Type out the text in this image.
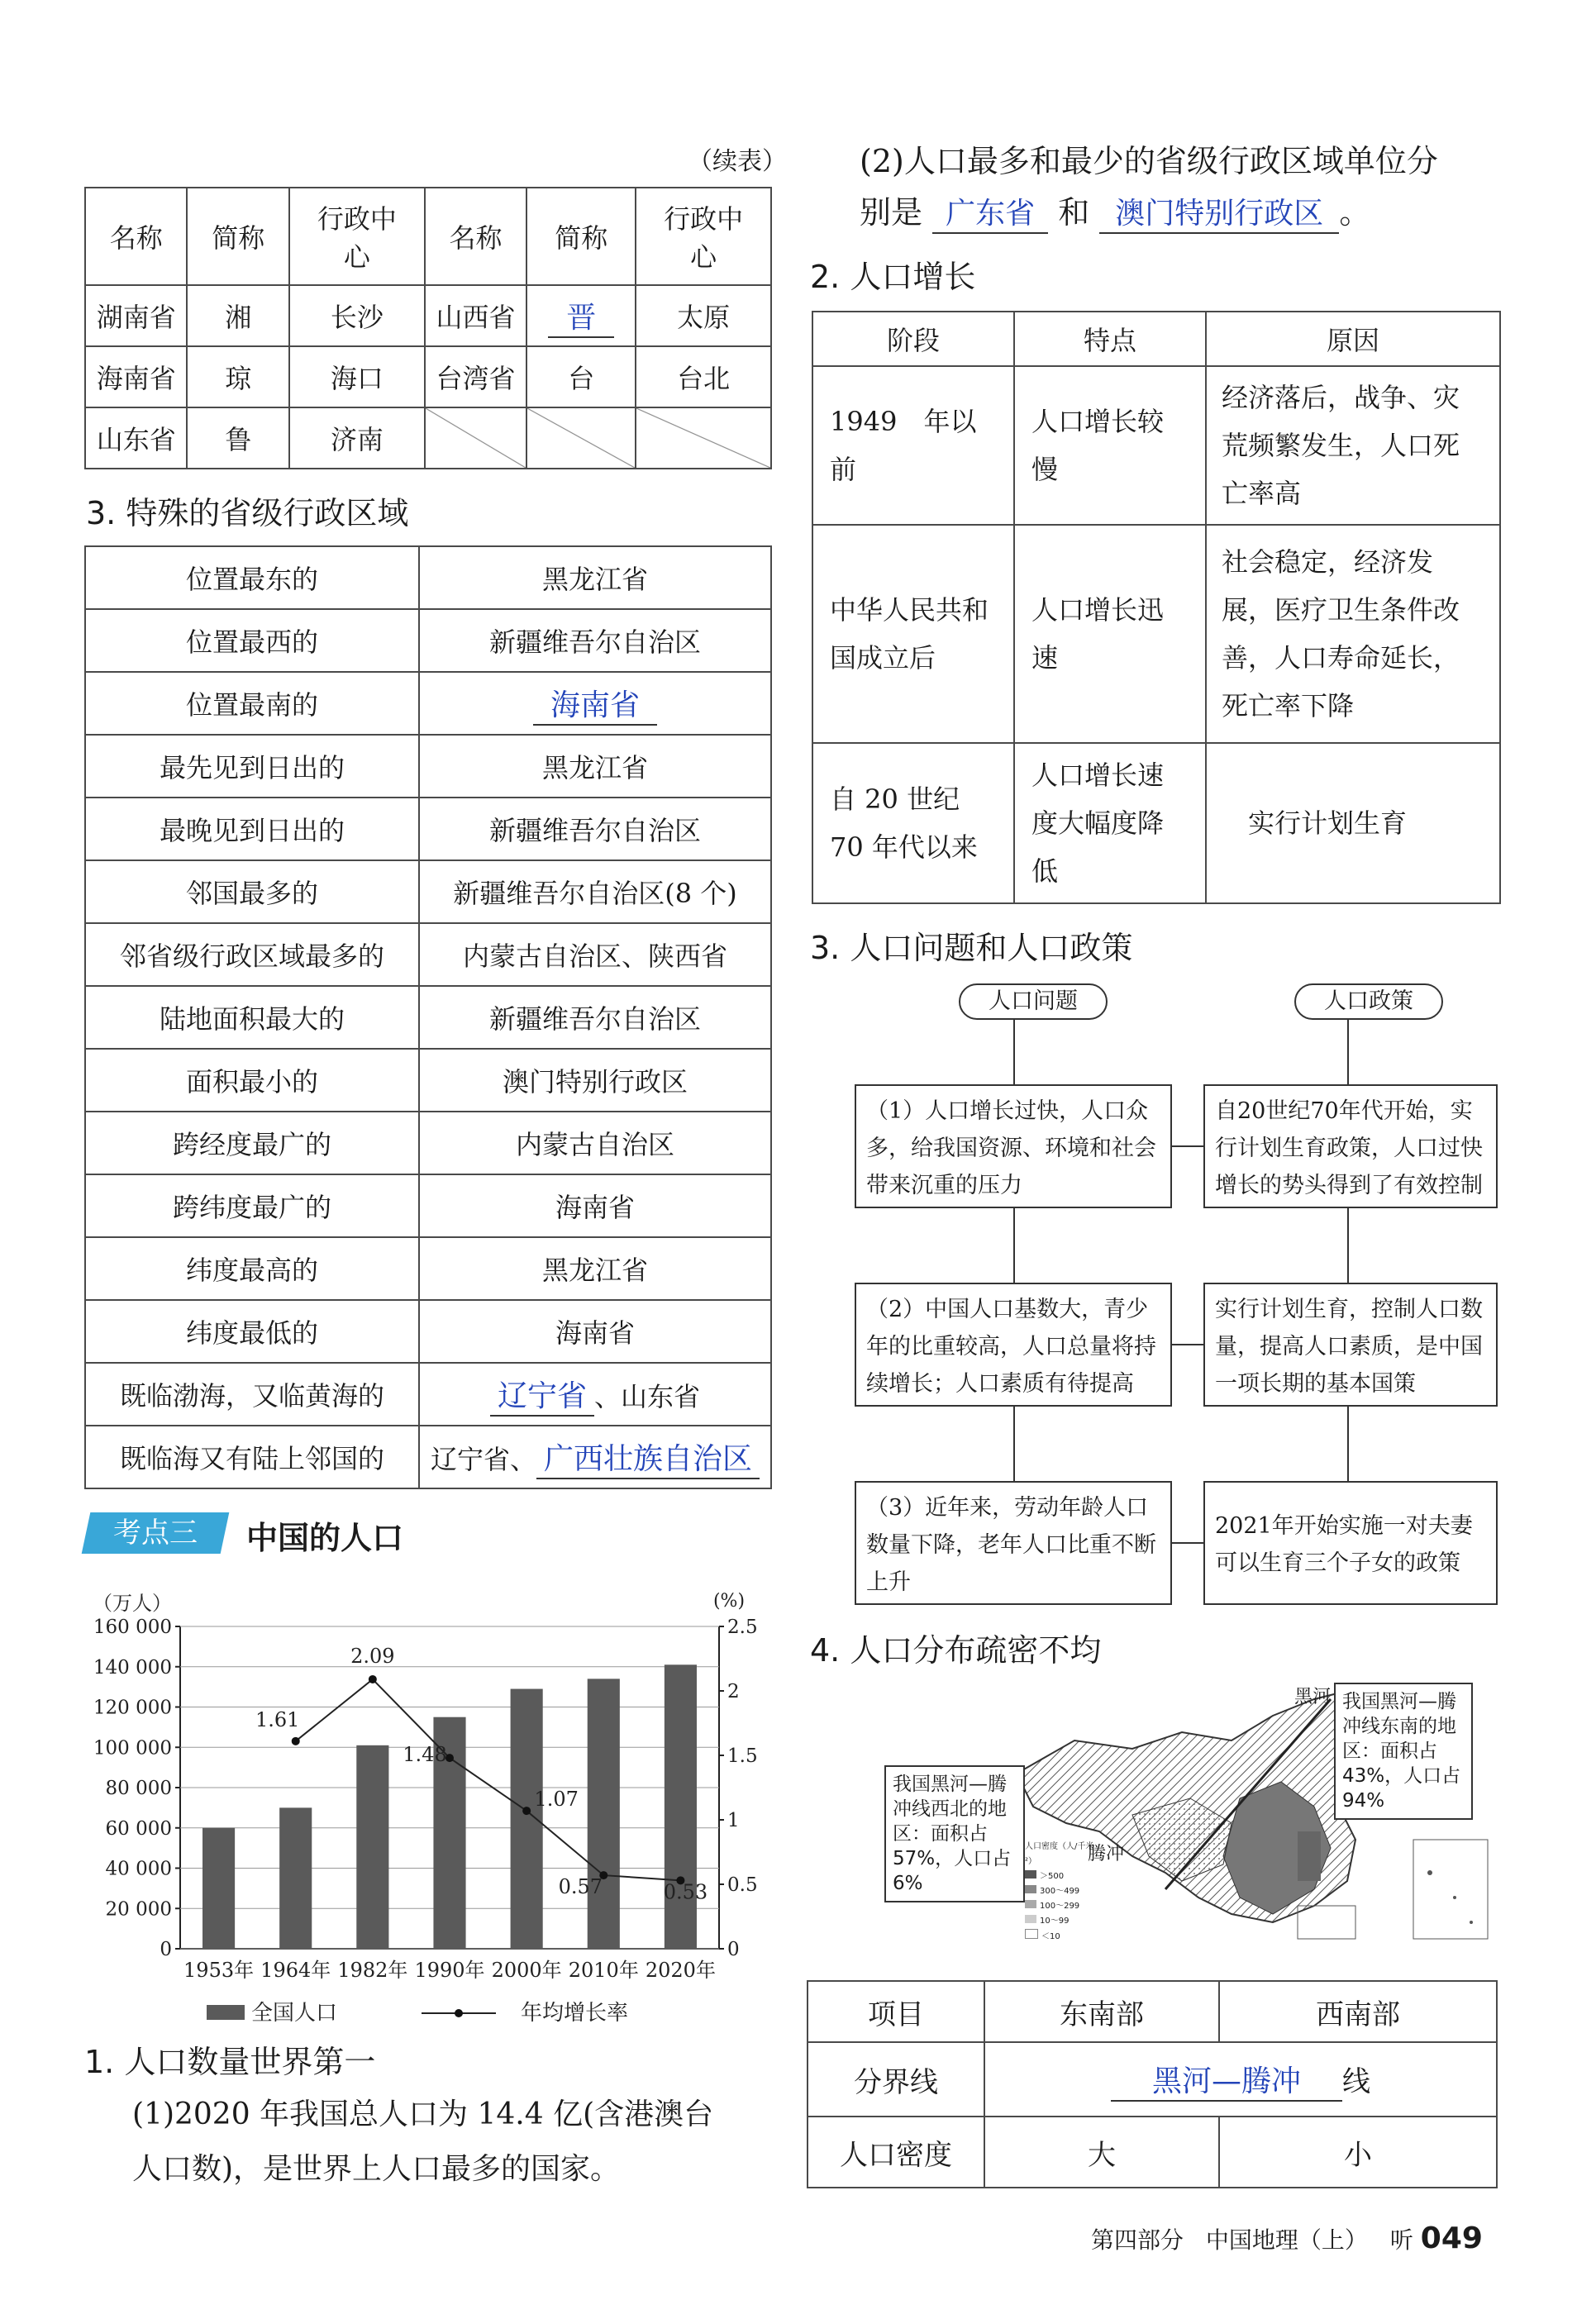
（续表）
名称	简称	行政中心	名称	简称	行政中心
湖南省	湘	长沙	山西省	晋	太原
海南省	琼	海口	台湾省	台	台北
山东省	鲁	济南			
3. 特殊的省级行政区域
位置最东的	黑龙江省
位置最西的	新疆维吾尔自治区
位置最南的	海南省
最先见到日出的	黑龙江省
最晚见到日出的	新疆维吾尔自治区
邻国最多的	新疆维吾尔自治区(8 个)
邻省级行政区域最多的	内蒙古自治区、陕西省
陆地面积最大的	新疆维吾尔自治区
面积最小的	澳门特别行政区
跨经度最广的	内蒙古自治区
跨纬度最广的	海南省
纬度最高的	黑龙江省
纬度最低的	海南省
既临渤海，又临黄海的	辽宁省 、山东省
既临海又有陆上邻国的	辽宁省、 广西壮族自治区
考点三	中国的人口
0
20 000
40 000
60 000
80 000
100 000
120 000
140 000
160 000
0
0.5
1
1.5
2
2.5
（万人）	(%)
1953年 1964年 1982年 1990年 2000年 2010年 2020年
1.61
2.09
1.48
1.07
0.57	0.53
全国人口	年均增长率
1. 人口数量世界第一
(1)2020 年我国总人口为 14.4 亿(含港澳台
人口数)，是世界上人口最多的国家。
(2)人口最多和最少的省级行政区域单位分
别是 广东省 和 澳门特别行政区 。
2. 人口增长
阶段	特点	原因
1949　年以前	人口增长较慢	经济落后，战争、灾荒频繁发生，人口死亡率高
中华人民共和国成立后	人口增长迅速	社会稳定，经济发展，医疗卫生条件改善，人口寿命延长，死亡率下降
自 20 世纪 70 年代以来	人口增长速度大幅度降低	实行计划生育
3. 人口问题和人口政策
人口问题	人口政策
（1）人口增长过快，人口众多，给我国资源、环境和社会带来沉重的压力
自20世纪70年代开始，实行计划生育政策，人口过快增长的势头得到了有效控制
（2）中国人口基数大，青少年的比重较高，人口总量将持续增长；人口素质有待提高
实行计划生育，控制人口数量，提高人口素质，是中国一项长期的基本国策
（3）近年来，劳动年龄人口数量下降，老年人口比重不断上升
2021年开始实施一对夫妻可以生育三个子女的政策
4. 人口分布疏密不均
黑河
腾冲
我国黑河—腾冲线东南的地区：面积占43%，人口占94%
我国黑河—腾冲线西北的地区：面积占57%，人口占6%
人口密度（人/千米²）
＞500
300～499
100～299
10～99
＜10
项目	东南部	西南部
分界线	黑河—腾冲 线	
人口密度	大	小
第四部分 中国地理（上） 听 049
